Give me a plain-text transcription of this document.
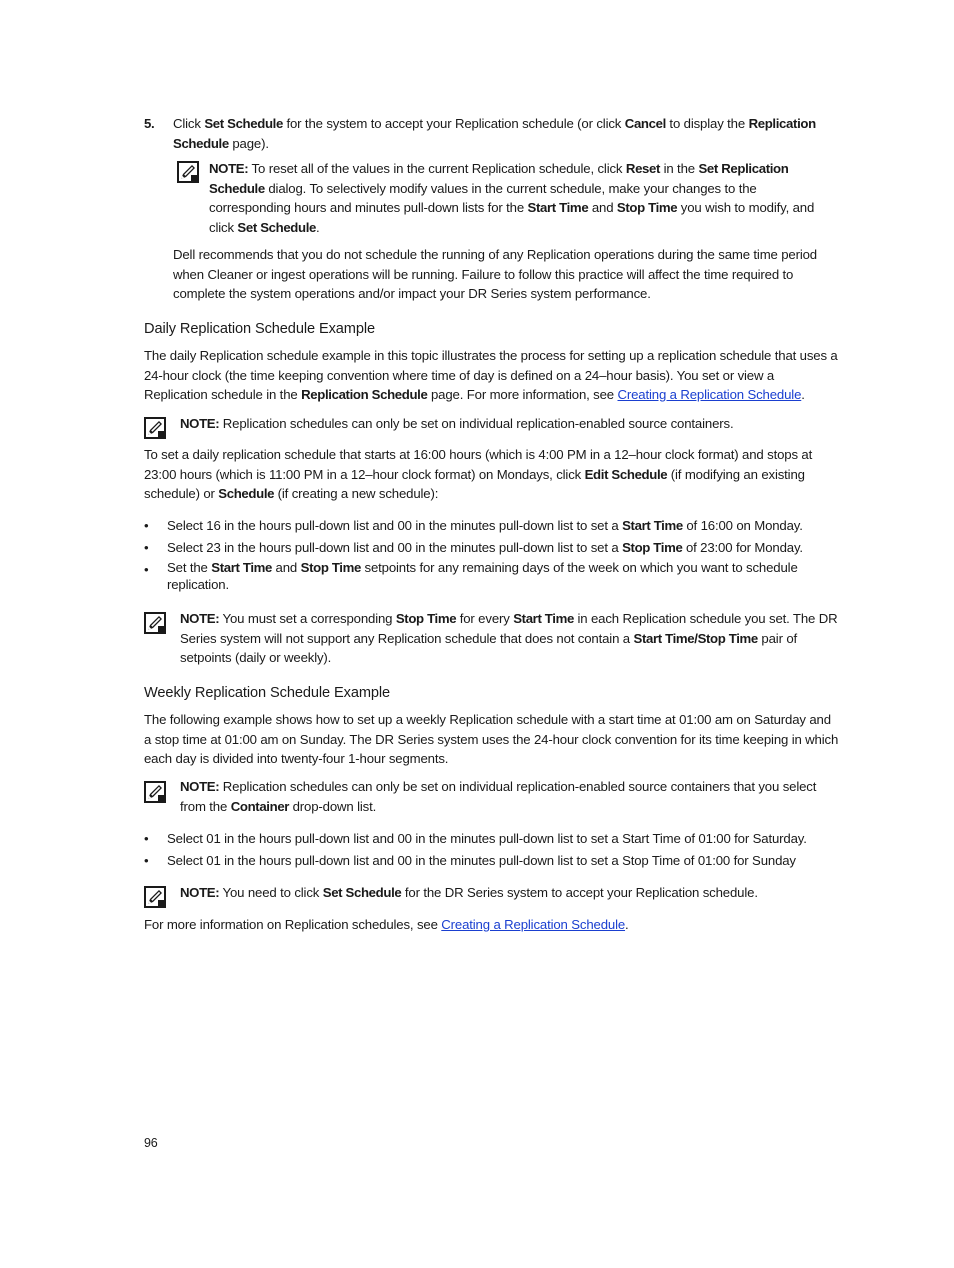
5. Click Set Schedule for the system to accept your Replication schedule (or click Cancel to display the Replication Schedule page).

NOTE: To reset all of the values in the current Replication schedule, click Reset in the Set Replication Schedule dialog. To selectively modify values in the current schedule, make your changes to the corresponding hours and minutes pull-down lists for the Start Time and Stop Time you wish to modify, and click Set Schedule.

Dell recommends that you do not schedule the running of any Replication operations during the same time period when Cleaner or ingest operations will be running. Failure to follow this practice will affect the time required to complete the system operations and/or impact your DR Series system performance.

Daily Replication Schedule Example

The daily Replication schedule example in this topic illustrates the process for setting up a replication schedule that uses a 24-hour clock (the time keeping convention where time of day is defined on a 24–hour basis). You set or view a Replication schedule in the Replication Schedule page. For more information, see Creating a Replication Schedule.

NOTE: Replication schedules can only be set on individual replication-enabled source containers.

To set a daily replication schedule that starts at 16:00 hours (which is 4:00 PM in a 12–hour clock format) and stops at 23:00 hours (which is 11:00 PM in a 12–hour clock format) on Mondays, click Edit Schedule (if modifying an existing schedule) or Schedule (if creating a new schedule):

•	Select 16 in the hours pull-down list and 00 in the minutes pull-down list to set a Start Time of 16:00 on Monday.

•	Select 23 in the hours pull-down list and 00 in the minutes pull-down list to set a Stop Time of 23:00 for Monday.

•	Set the Start Time and Stop Time setpoints for any remaining days of the week on which you want to schedule replication.

NOTE: You must set a corresponding Stop Time for every Start Time in each Replication schedule you set. The DR Series system will not support any Replication schedule that does not contain a Start Time/Stop Time pair of setpoints (daily or weekly).

Weekly Replication Schedule Example

The following example shows how to set up a weekly Replication schedule with a start time at 01:00 am on Saturday and a stop time at 01:00 am on Sunday. The DR Series system uses the 24-hour clock convention for its time keeping in which each day is divided into twenty-four 1-hour segments.

NOTE: Replication schedules can only be set on individual replication-enabled source containers that you select from the Container drop-down list.

•	Select 01 in the hours pull-down list and 00 in the minutes pull-down list to set a Start Time of 01:00 for Saturday.

•	Select 01 in the hours pull-down list and 00 in the minutes pull-down list to set a Stop Time of 01:00 for Sunday

NOTE: You need to click Set Schedule for the DR Series system to accept your Replication schedule.

For more information on Replication schedules, see Creating a Replication Schedule.

96
